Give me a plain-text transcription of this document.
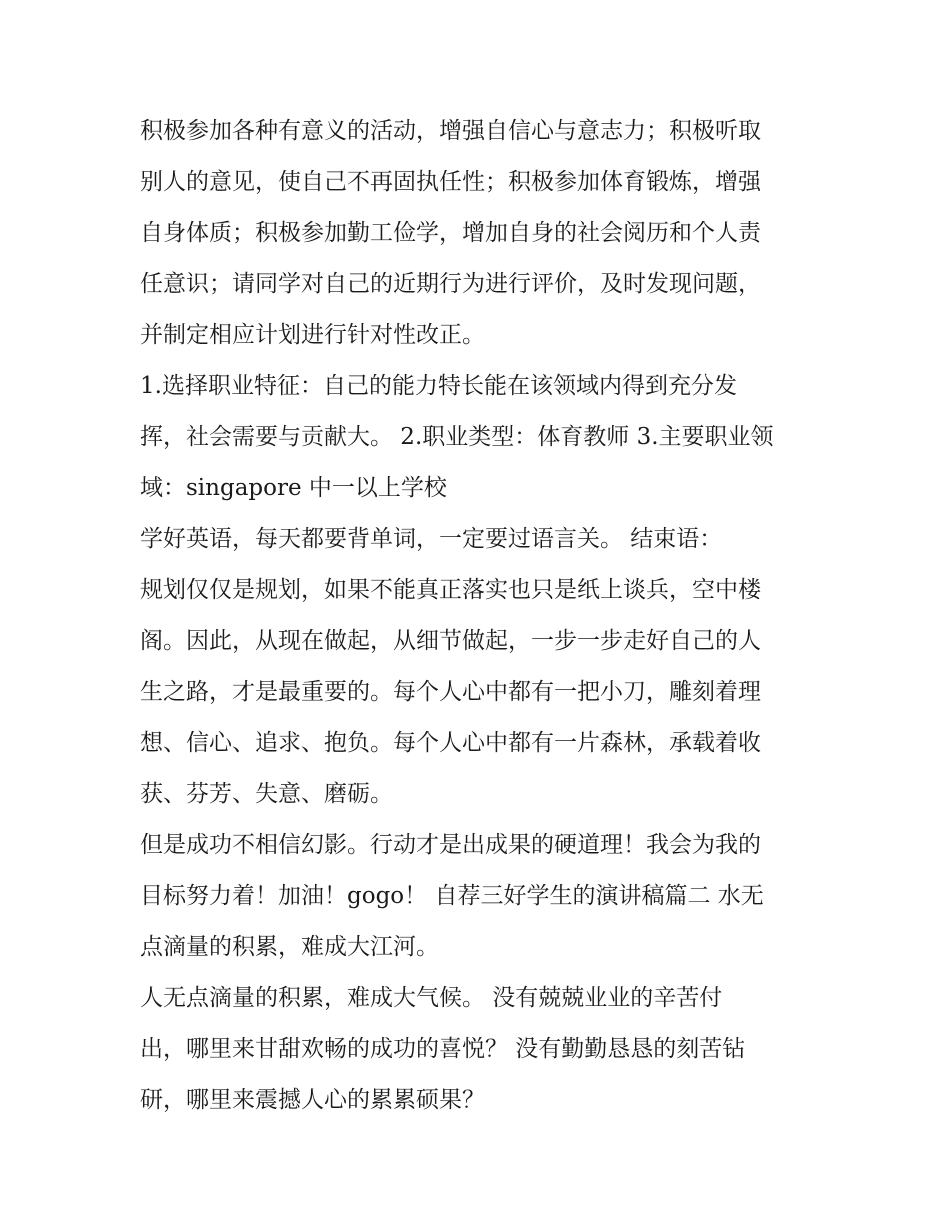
积极参加各种有意义的活动，增强自信心与意志力；积极听取
别人的意见，使自己不再固执任性；积极参加体育锻炼，增强
自身体质；积极参加勤工俭学，增加自身的社会阅历和个人责
任意识；请同学对自己的近期行为进行评价，及时发现问题，
并制定相应计划进行针对性改正。
1.选择职业特征：自己的能力特长能在该领域内得到充分发
挥，社会需要与贡献大。 2.职业类型：体育教师 3.主要职业领
域：singapore 中一以上学校
学好英语，每天都要背单词，一定要过语言关。 结束语：
规划仅仅是规划，如果不能真正落实也只是纸上谈兵，空中楼
阁。因此，从现在做起，从细节做起，一步一步走好自己的人
生之路，才是最重要的。每个人心中都有一把小刀，雕刻着理
想、信心、追求、抱负。每个人心中都有一片森林，承载着收
获、芬芳、失意、磨砺。
但是成功不相信幻影。行动才是出成果的硬道理！我会为我的
目标努力着！加油！gogo！ 自荐三好学生的演讲稿篇二 水无
点滴量的积累，难成大江河。
人无点滴量的积累，难成大气候。 没有兢兢业业的辛苦付
出，哪里来甘甜欢畅的成功的喜悦？ 没有勤勤恳恳的刻苦钻
研，哪里来震撼人心的累累硕果？
